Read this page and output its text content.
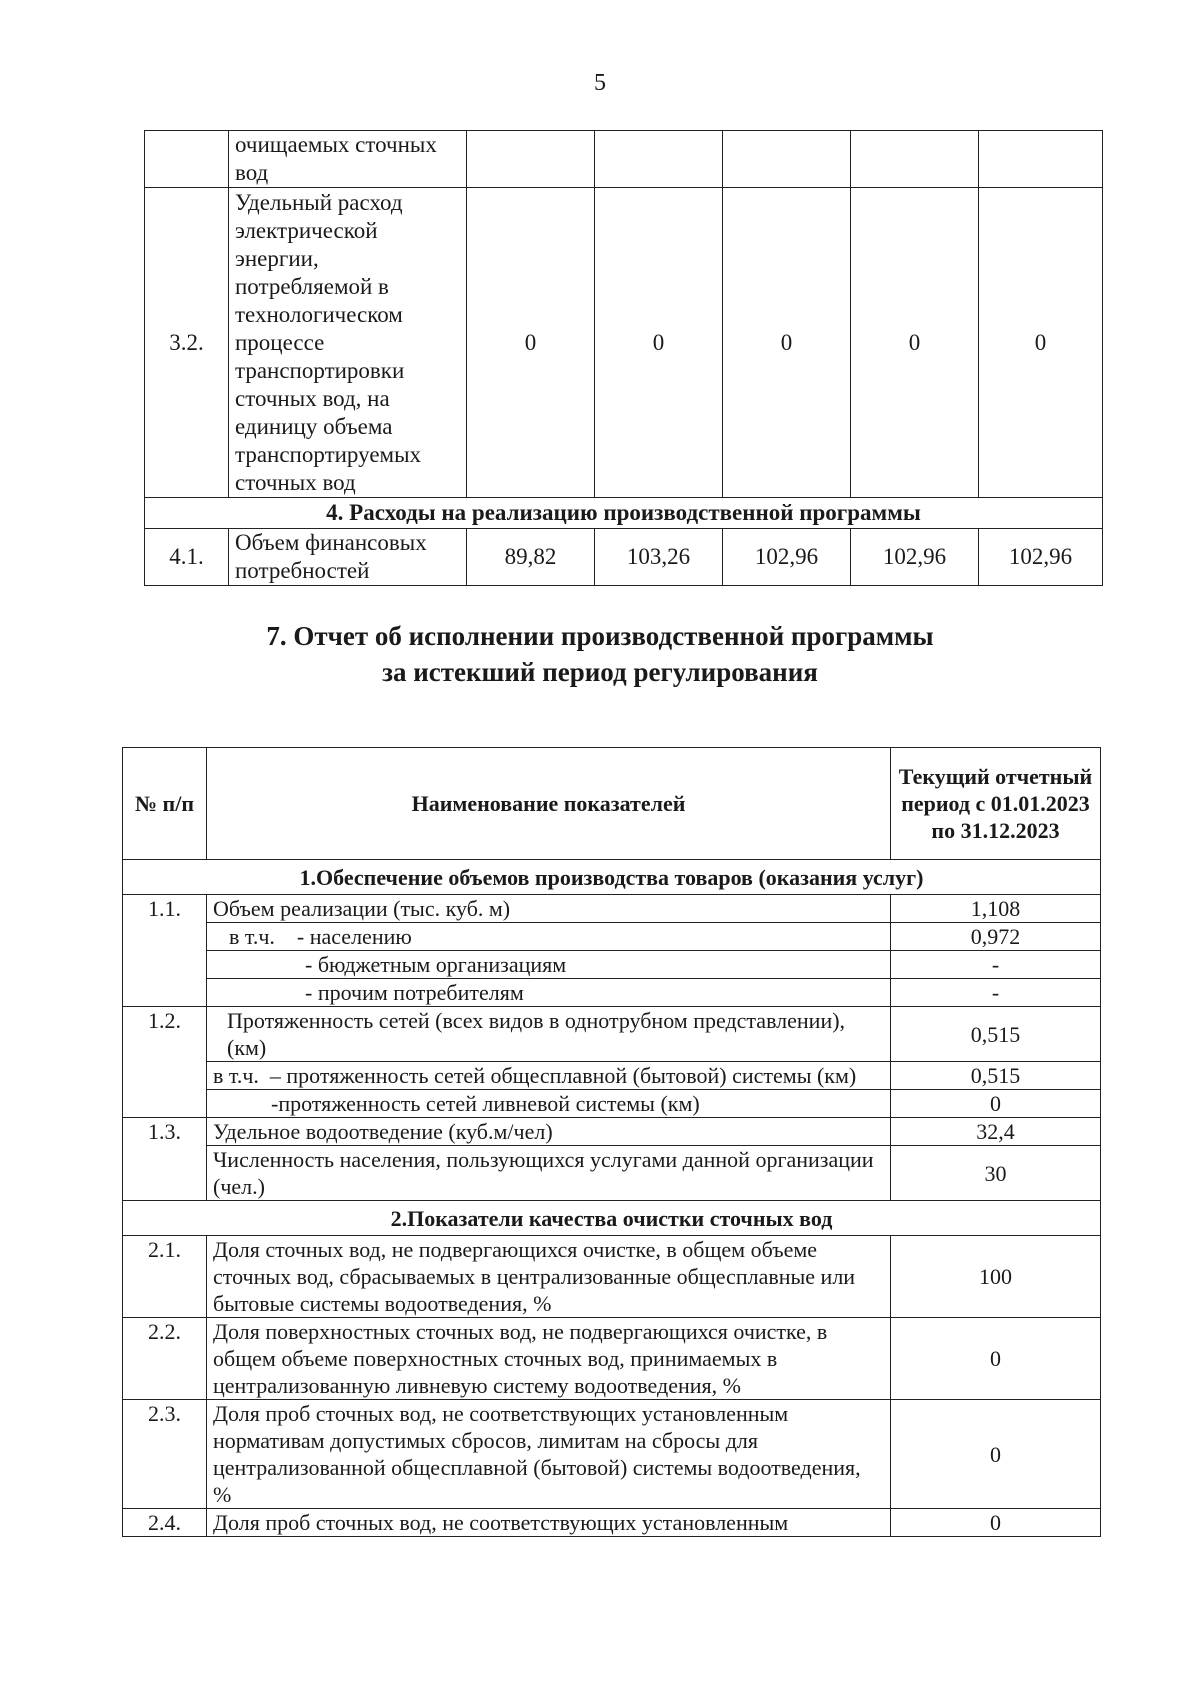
5
	очищаемых сточных вод					
3.2.	Удельный расход электрической энергии, потребляемой в технологическом процессе транспортировки сточных вод, на единицу объема транспортируемых сточных вод	0	0	0	0	0
4. Расходы на реализацию производственной программы						
4.1.	Объем финансовых потребностей	89,82	103,26	102,96	102,96	102,96
7. Отчет об исполнении производственной программы
за истекший период регулирования
№ п/п	Наименование показателей	Текущий отчетный период с 01.01.2023 по 31.12.2023
1.Обеспечение объемов производства товаров (оказания услуг)		
1.1.	Объем реализации (тыс. куб. м)	1,108
	в т.ч.    - населению	0,972
	- бюджетным организациям	-
	- прочим потребителям	-
1.2.	Протяженность сетей (всех видов в однотрубном представлении), (км)	0,515
	в т.ч.  – протяженность сетей общесплавной (бытовой) системы (км)	0,515
	-протяженность сетей ливневой системы (км)	0
1.3.	Удельное водоотведение (куб.м/чел)	32,4
	Численность населения, пользующихся услугами данной организации (чел.)	30
2.Показатели качества очистки сточных вод		
2.1.	Доля сточных вод, не подвергающихся очистке, в общем объеме сточных вод, сбрасываемых в централизованные общесплавные или бытовые системы водоотведения, %	100
2.2.	Доля поверхностных сточных вод, не подвергающихся очистке, в общем объеме поверхностных сточных вод, принимаемых в централизованную ливневую систему водоотведения, %	0
2.3.	Доля проб сточных вод, не соответствующих установленным нормативам допустимых сбросов, лимитам на сбросы для централизованной общесплавной (бытовой) системы водоотведения, %	0
2.4.	Доля проб сточных вод, не соответствующих установленным	0
